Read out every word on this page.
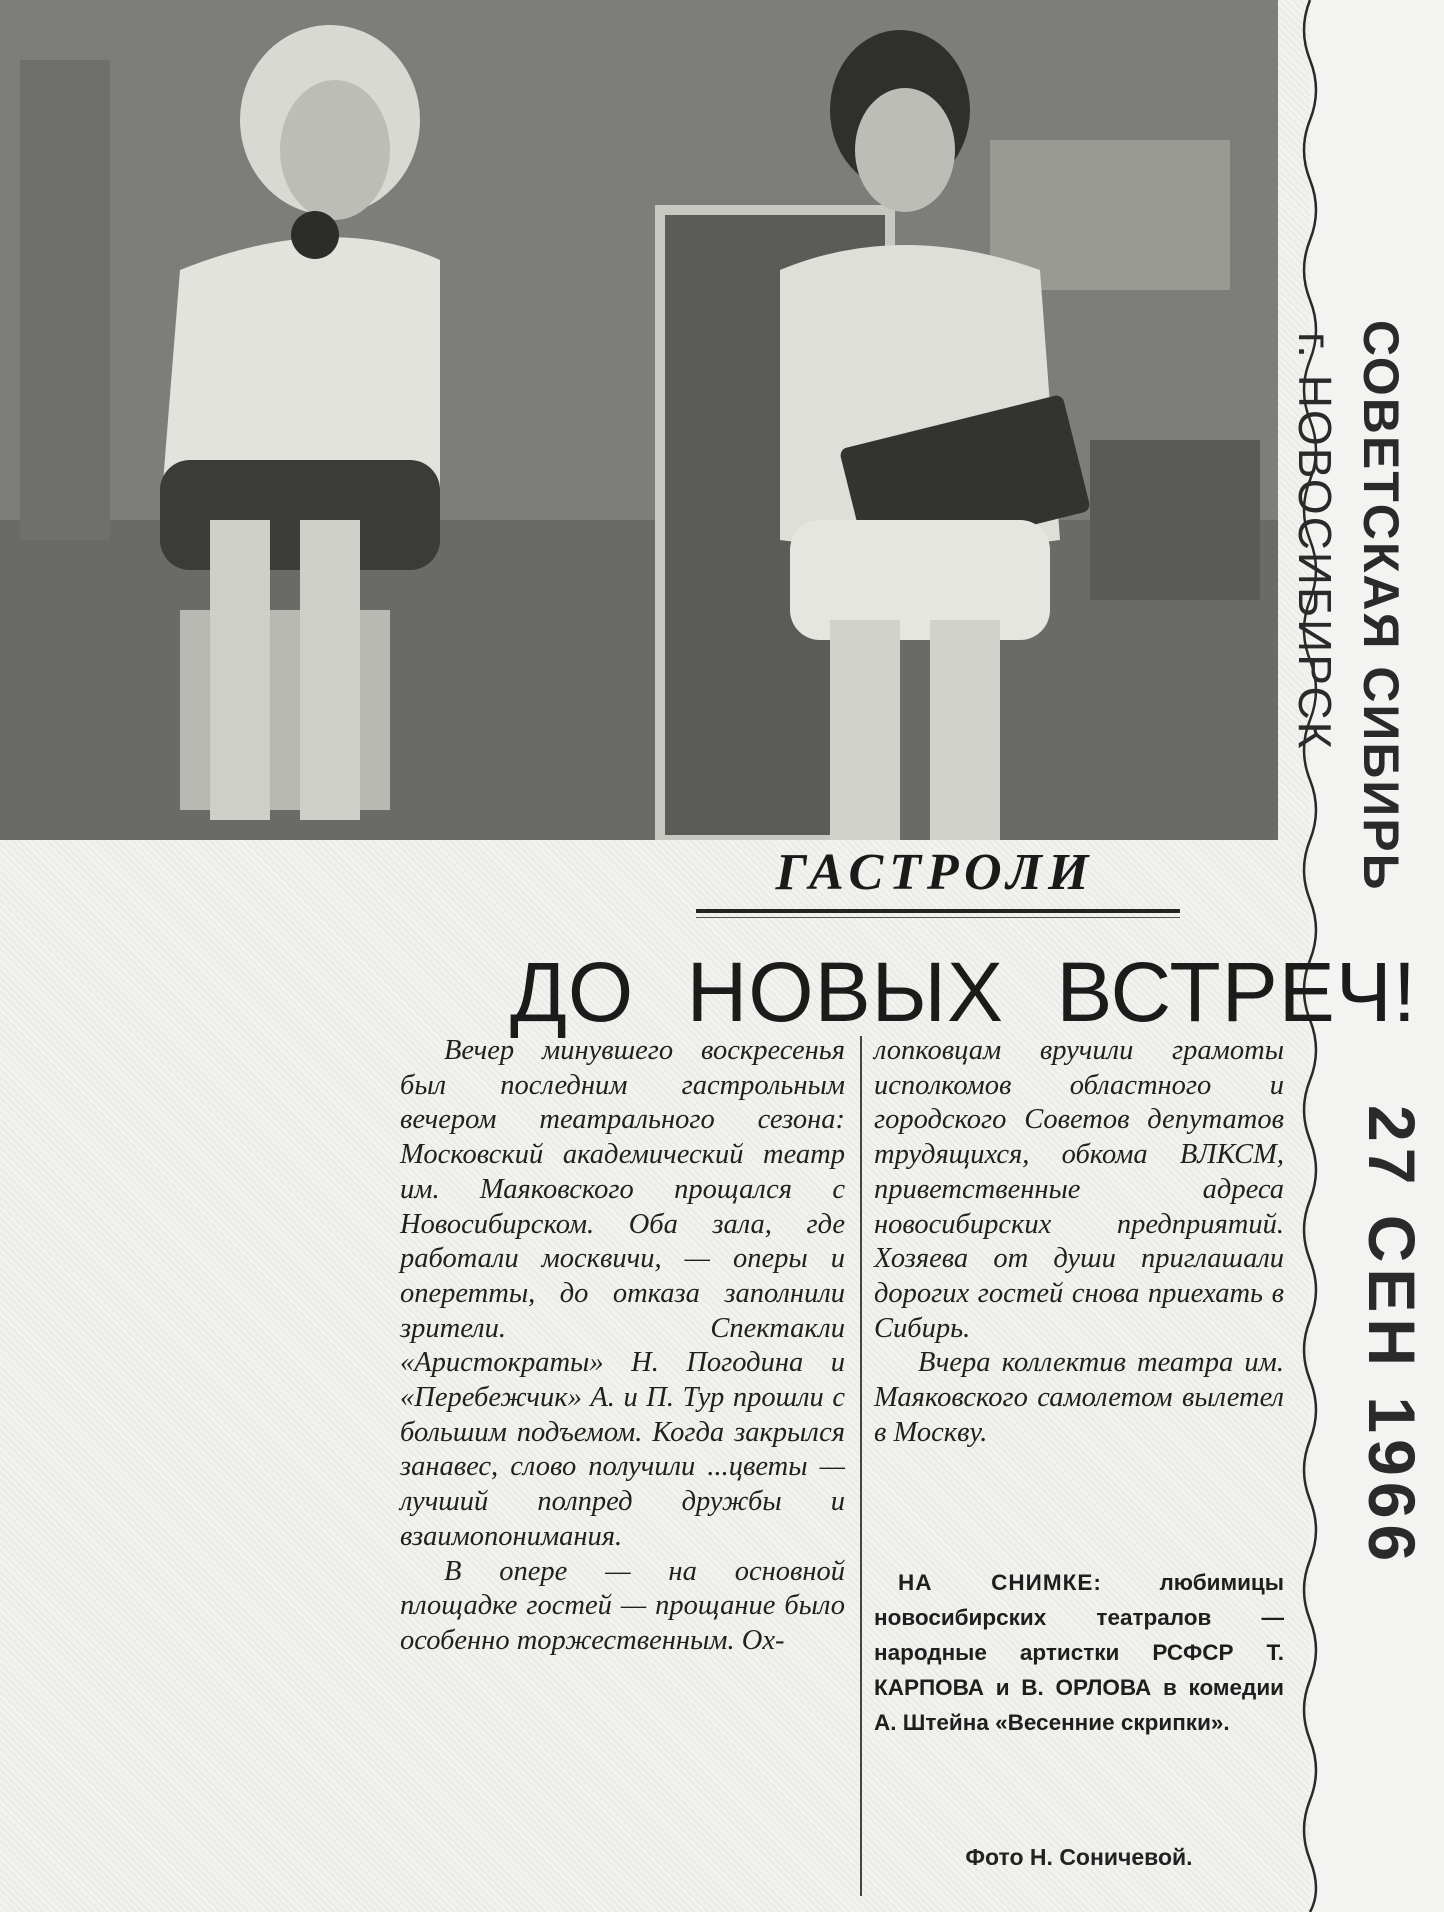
ГАСТРОЛИ
ДО НОВЫХ ВСТРЕЧ!

Вечер минувшего воскресенья был последним гастрольным вечером театрального сезона: Московский академический театр им. Маяковского прощался с Новосибирском. Оба зала, где работали москвичи, — оперы и оперетты, до отказа заполнили зрители. Спектакли «Аристократы» Н. Погодина и «Перебежчик» А. и П. Тур прошли с большим подъемом. Когда закрылся занавес, слово получили ...цветы — лучший полпред дружбы и взаимопонимания.

В опере — на основной площадке гостей — прощание было особенно торжественным. Ох-

лопковцам вручили грамоты исполкомов областного и городского Советов депутатов трудящихся, обкома ВЛКСМ, приветственные адреса новосибирских предприятий. Хозяева от души приглашали дорогих гостей снова приехать в Сибирь.

Вчера коллектив театра им. Маяковского самолетом вылетел в Москву.

НА СНИМКЕ:	любимицы новосибирских театралов — народные артистки РСФСР Т. КАРПОВА и В. ОРЛОВА в комедии А. Штейна «Весенние скрипки».

Фото Н. Соничевой.
СОВЕТСКАЯ СИБИРЬ
г. НОВОСИБИРСК
27 СЕН 1966
